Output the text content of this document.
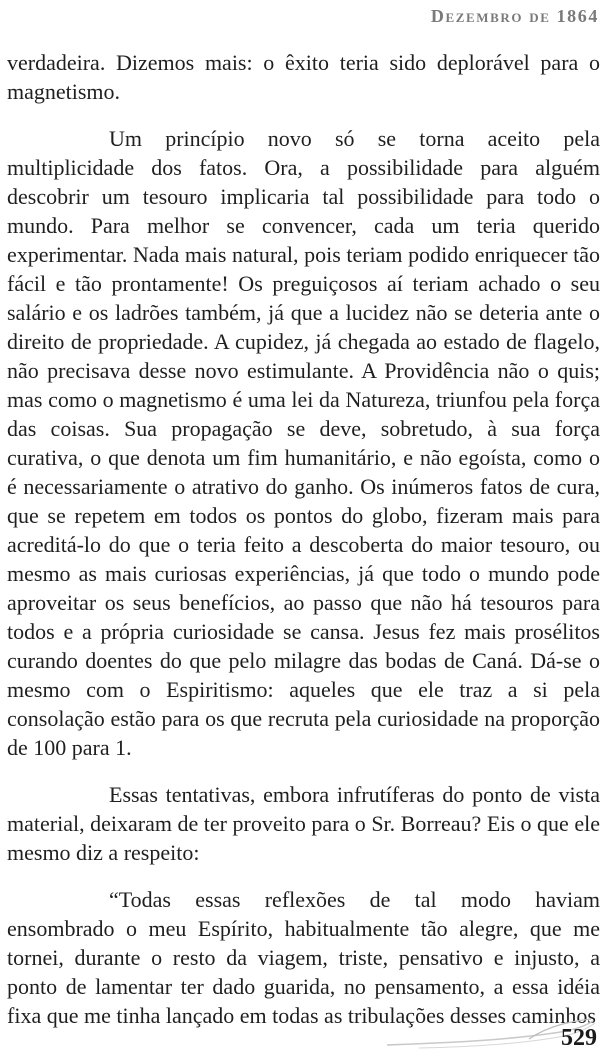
Dezembro de 1864

verdadeira. Dizemos mais: o êxito teria sido deplorável para o magnetismo.

Um princípio novo só se torna aceito pela multiplicidade dos fatos. Ora, a possibilidade para alguém descobrir um tesouro implicaria tal possibilidade para todo o mundo. Para melhor se convencer, cada um teria querido experimentar. Nada mais natural, pois teriam podido enriquecer tão fácil e tão prontamente! Os preguiçosos aí teriam achado o seu salário e os ladrões também, já que a lucidez não se deteria ante o direito de propriedade. A cupidez, já chegada ao estado de flagelo, não precisava desse novo estimulante. A Providência não o quis; mas como o magnetismo é uma lei da Natureza, triunfou pela força das coisas. Sua propagação se deve, sobretudo, à sua força curativa, o que denota um fim humanitário, e não egoísta, como o é necessariamente o atrativo do ganho. Os inúmeros fatos de cura, que se repetem em todos os pontos do globo, fizeram mais para acreditá-lo do que o teria feito a descoberta do maior tesouro, ou mesmo as mais curiosas experiências, já que todo o mundo pode aproveitar os seus benefícios, ao passo que não há tesouros para todos e a própria curiosidade se cansa. Jesus fez mais prosélitos curando doentes do que pelo milagre das bodas de Caná. Dá-se o mesmo com o Espiritismo: aqueles que ele traz a si pela consolação estão para os que recruta pela curiosidade na proporção de 100 para 1.

Essas tentativas, embora infrutíferas do ponto de vista material, deixaram de ter proveito para o Sr. Borreau? Eis o que ele mesmo diz a respeito:

“Todas essas reflexões de tal modo haviam ensombrado o meu Espírito, habitualmente tão alegre, que me tornei, durante o resto da viagem, triste, pensativo e injusto, a ponto de lamentar ter dado guarida, no pensamento, a essa idéia fixa que me tinha lançado em todas as tribulações desses caminhos

529
